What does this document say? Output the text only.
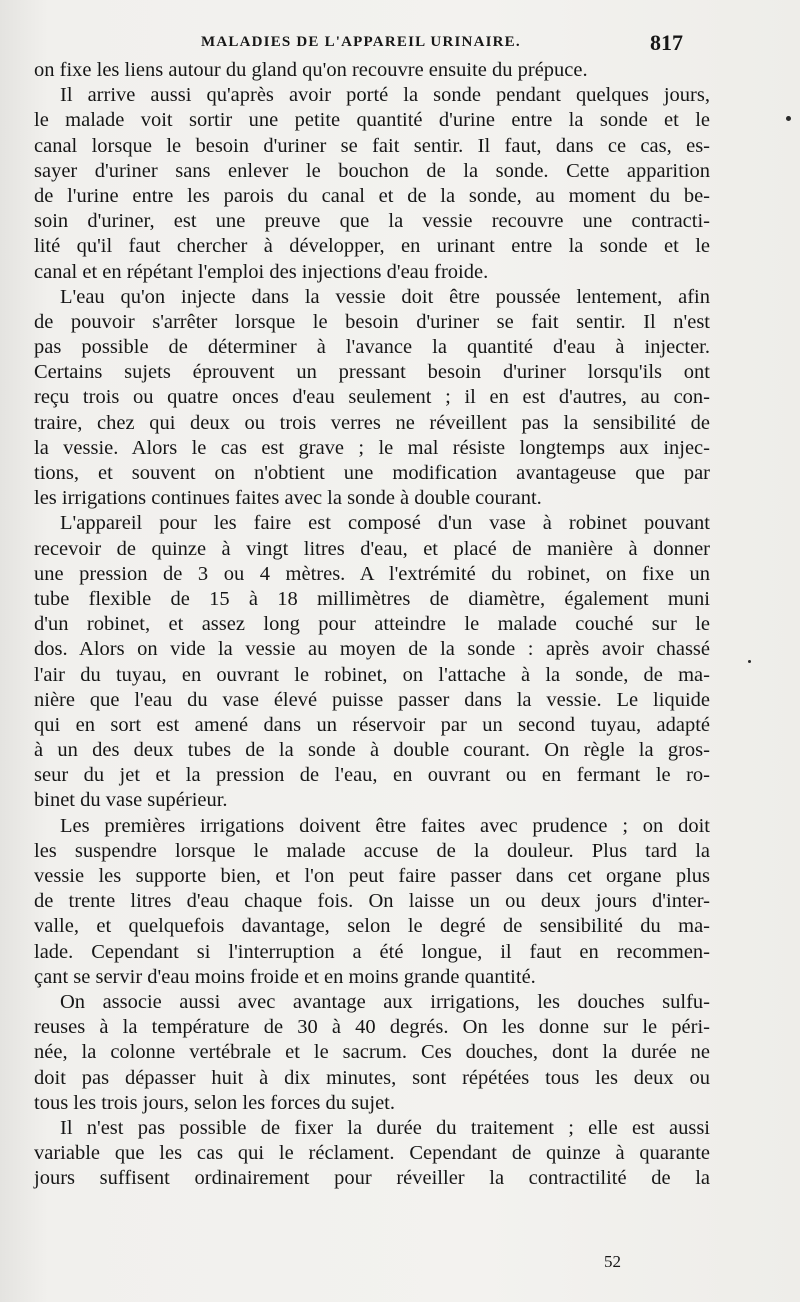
MALADIES DE L'APPAREIL URINAIRE.	817
on fixe les liens autour du gland qu'on recouvre ensuite du prépuce.
Il arrive aussi qu'après avoir porté la sonde pendant quelques jours,
le malade voit sortir une petite quantité d'urine entre la sonde et le
canal lorsque le besoin d'uriner se fait sentir. Il faut, dans ce cas, es-
sayer d'uriner sans enlever le bouchon de la sonde. Cette apparition
de l'urine entre les parois du canal et de la sonde, au moment du be-
soin d'uriner, est une preuve que la vessie recouvre une contracti-
lité qu'il faut chercher à développer, en urinant entre la sonde et le
canal et en répétant l'emploi des injections d'eau froide.
L'eau qu'on injecte dans la vessie doit être poussée lentement, afin
de pouvoir s'arrêter lorsque le besoin d'uriner se fait sentir. Il n'est
pas possible de déterminer à l'avance la quantité d'eau à injecter.
Certains sujets éprouvent un pressant besoin d'uriner lorsqu'ils ont
reçu trois ou quatre onces d'eau seulement ; il en est d'autres, au con-
traire, chez qui deux ou trois verres ne réveillent pas la sensibilité de
la vessie. Alors le cas est grave ; le mal résiste longtemps aux injec-
tions, et souvent on n'obtient une modification avantageuse que par
les irrigations continues faites avec la sonde à double courant.
L'appareil pour les faire est composé d'un vase à robinet pouvant
recevoir de quinze à vingt litres d'eau, et placé de manière à donner
une pression de 3 ou 4 mètres. A l'extrémité du robinet, on fixe un
tube flexible de 15 à 18 millimètres de diamètre, également muni
d'un robinet, et assez long pour atteindre le malade couché sur le
dos. Alors on vide la vessie au moyen de la sonde : après avoir chassé
l'air du tuyau, en ouvrant le robinet, on l'attache à la sonde, de ma-
nière que l'eau du vase élevé puisse passer dans la vessie. Le liquide
qui en sort est amené dans un réservoir par un second tuyau, adapté
à un des deux tubes de la sonde à double courant. On règle la gros-
seur du jet et la pression de l'eau, en ouvrant ou en fermant le ro-
binet du vase supérieur.
Les premières irrigations doivent être faites avec prudence ; on doit
les suspendre lorsque le malade accuse de la douleur. Plus tard la
vessie les supporte bien, et l'on peut faire passer dans cet organe plus
de trente litres d'eau chaque fois. On laisse un ou deux jours d'inter-
valle, et quelquefois davantage, selon le degré de sensibilité du ma-
lade. Cependant si l'interruption a été longue, il faut en recommen-
çant se servir d'eau moins froide et en moins grande quantité.
On associe aussi avec avantage aux irrigations, les douches sulfu-
reuses à la température de 30 à 40 degrés. On les donne sur le péri-
née, la colonne vertébrale et le sacrum. Ces douches, dont la durée ne
doit pas dépasser huit à dix minutes, sont répétées tous les deux ou
tous les trois jours, selon les forces du sujet.
Il n'est pas possible de fixer la durée du traitement ; elle est aussi
variable que les cas qui le réclament. Cependant de quinze à quarante
jours suffisent ordinairement pour réveiller la contractilité de la
52
